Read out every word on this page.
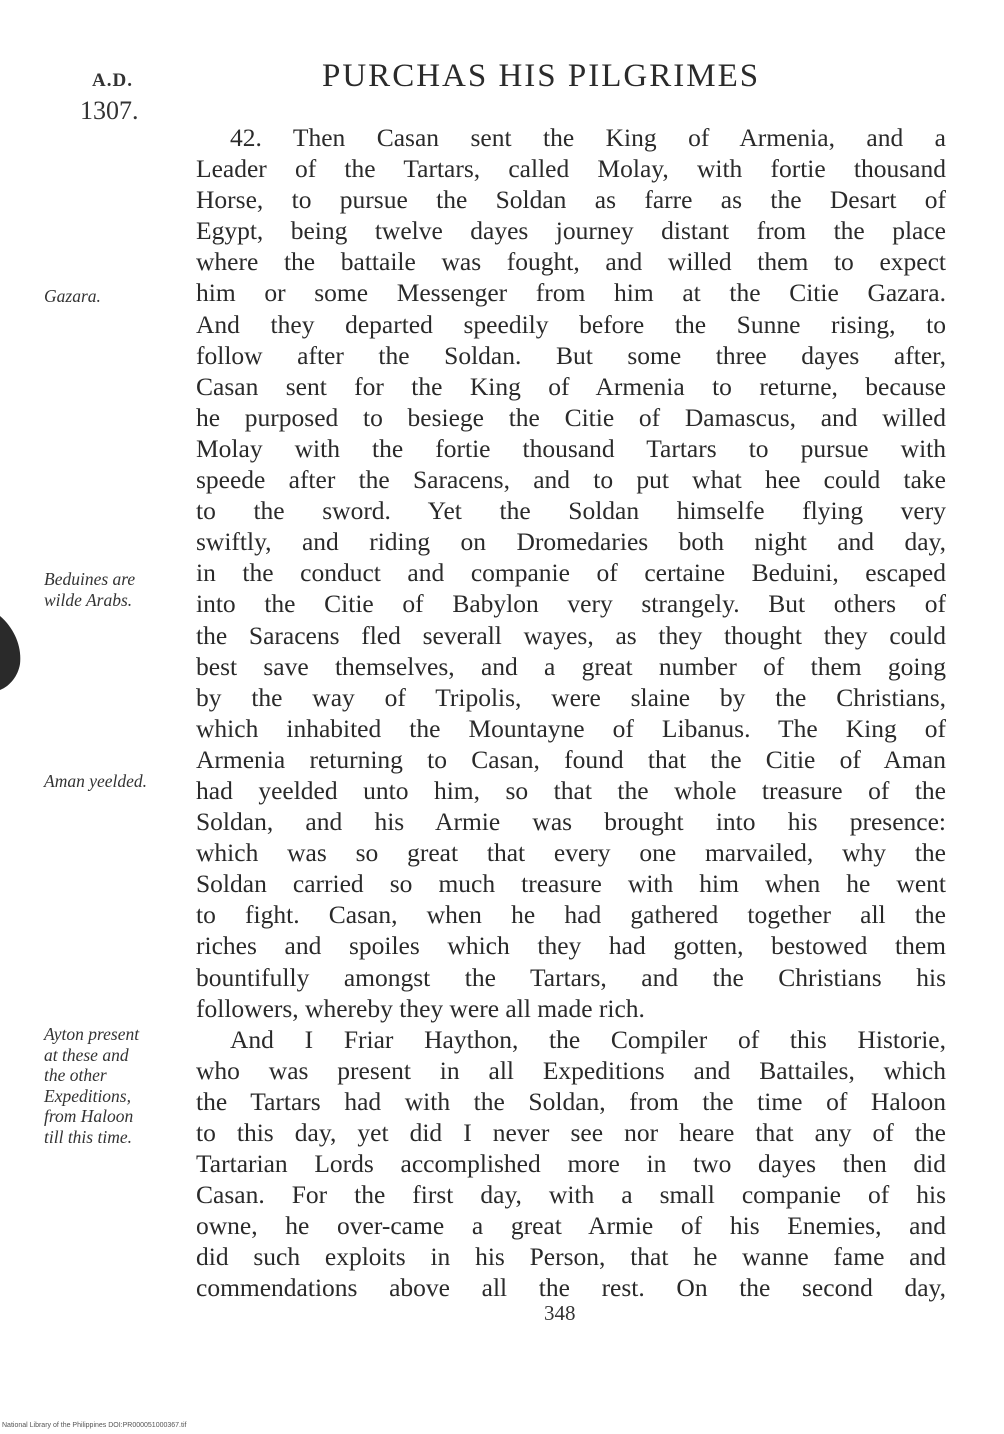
A.D.
1307.
PURCHAS HIS PILGRIMES
Gazara.
Beduines are
wilde Arabs.
Aman yeelded.
Ayton present
at these and
the other
Expeditions,
from Haloon
till this time.
42. Then Casan sent the King of Armenia, and a
Leader of the Tartars, called Molay, with fortie thousand
Horse, to pursue the Soldan as farre as the Desart of
Egypt, being twelve dayes journey distant from the place
where the battaile was fought, and willed them to expect
him or some Messenger from him at the Citie Gazara.
And they departed speedily before the Sunne rising, to
follow after the Soldan. But some three dayes after,
Casan sent for the King of Armenia to returne, because
he purposed to besiege the Citie of Damascus, and willed
Molay with the fortie thousand Tartars to pursue with
speede after the Saracens, and to put what hee could take
to the sword. Yet the Soldan himselfe flying very
swiftly, and riding on Dromedaries both night and day,
in the conduct and companie of certaine Beduini, escaped
into the Citie of Babylon very strangely. But others of
the Saracens fled severall wayes, as they thought they could
best save themselves, and a great number of them going
by the way of Tripolis, were slaine by the Christians,
which inhabited the Mountayne of Libanus. The King of
Armenia returning to Casan, found that the Citie of Aman
had yeelded unto him, so that the whole treasure of the
Soldan, and his Armie was brought into his presence:
which was so great that every one marvailed, why the
Soldan carried so much treasure with him when he went
to fight. Casan, when he had gathered together all the
riches and spoiles which they had gotten, bestowed them
bountifully amongst the Tartars, and the Christians his
followers, whereby they were all made rich.
And I Friar Haython, the Compiler of this Historie,
who was present in all Expeditions and Battailes, which
the Tartars had with the Soldan, from the time of Haloon
to this day, yet did I never see nor heare that any of the
Tartarian Lords accomplished more in two dayes then did
Casan. For the first day, with a small companie of his
owne, he over-came a great Armie of his Enemies, and
did such exploits in his Person, that he wanne fame and
commendations above all the rest. On the second day,
348
National Library of the Philippines DOI:PR000051000367.tif
